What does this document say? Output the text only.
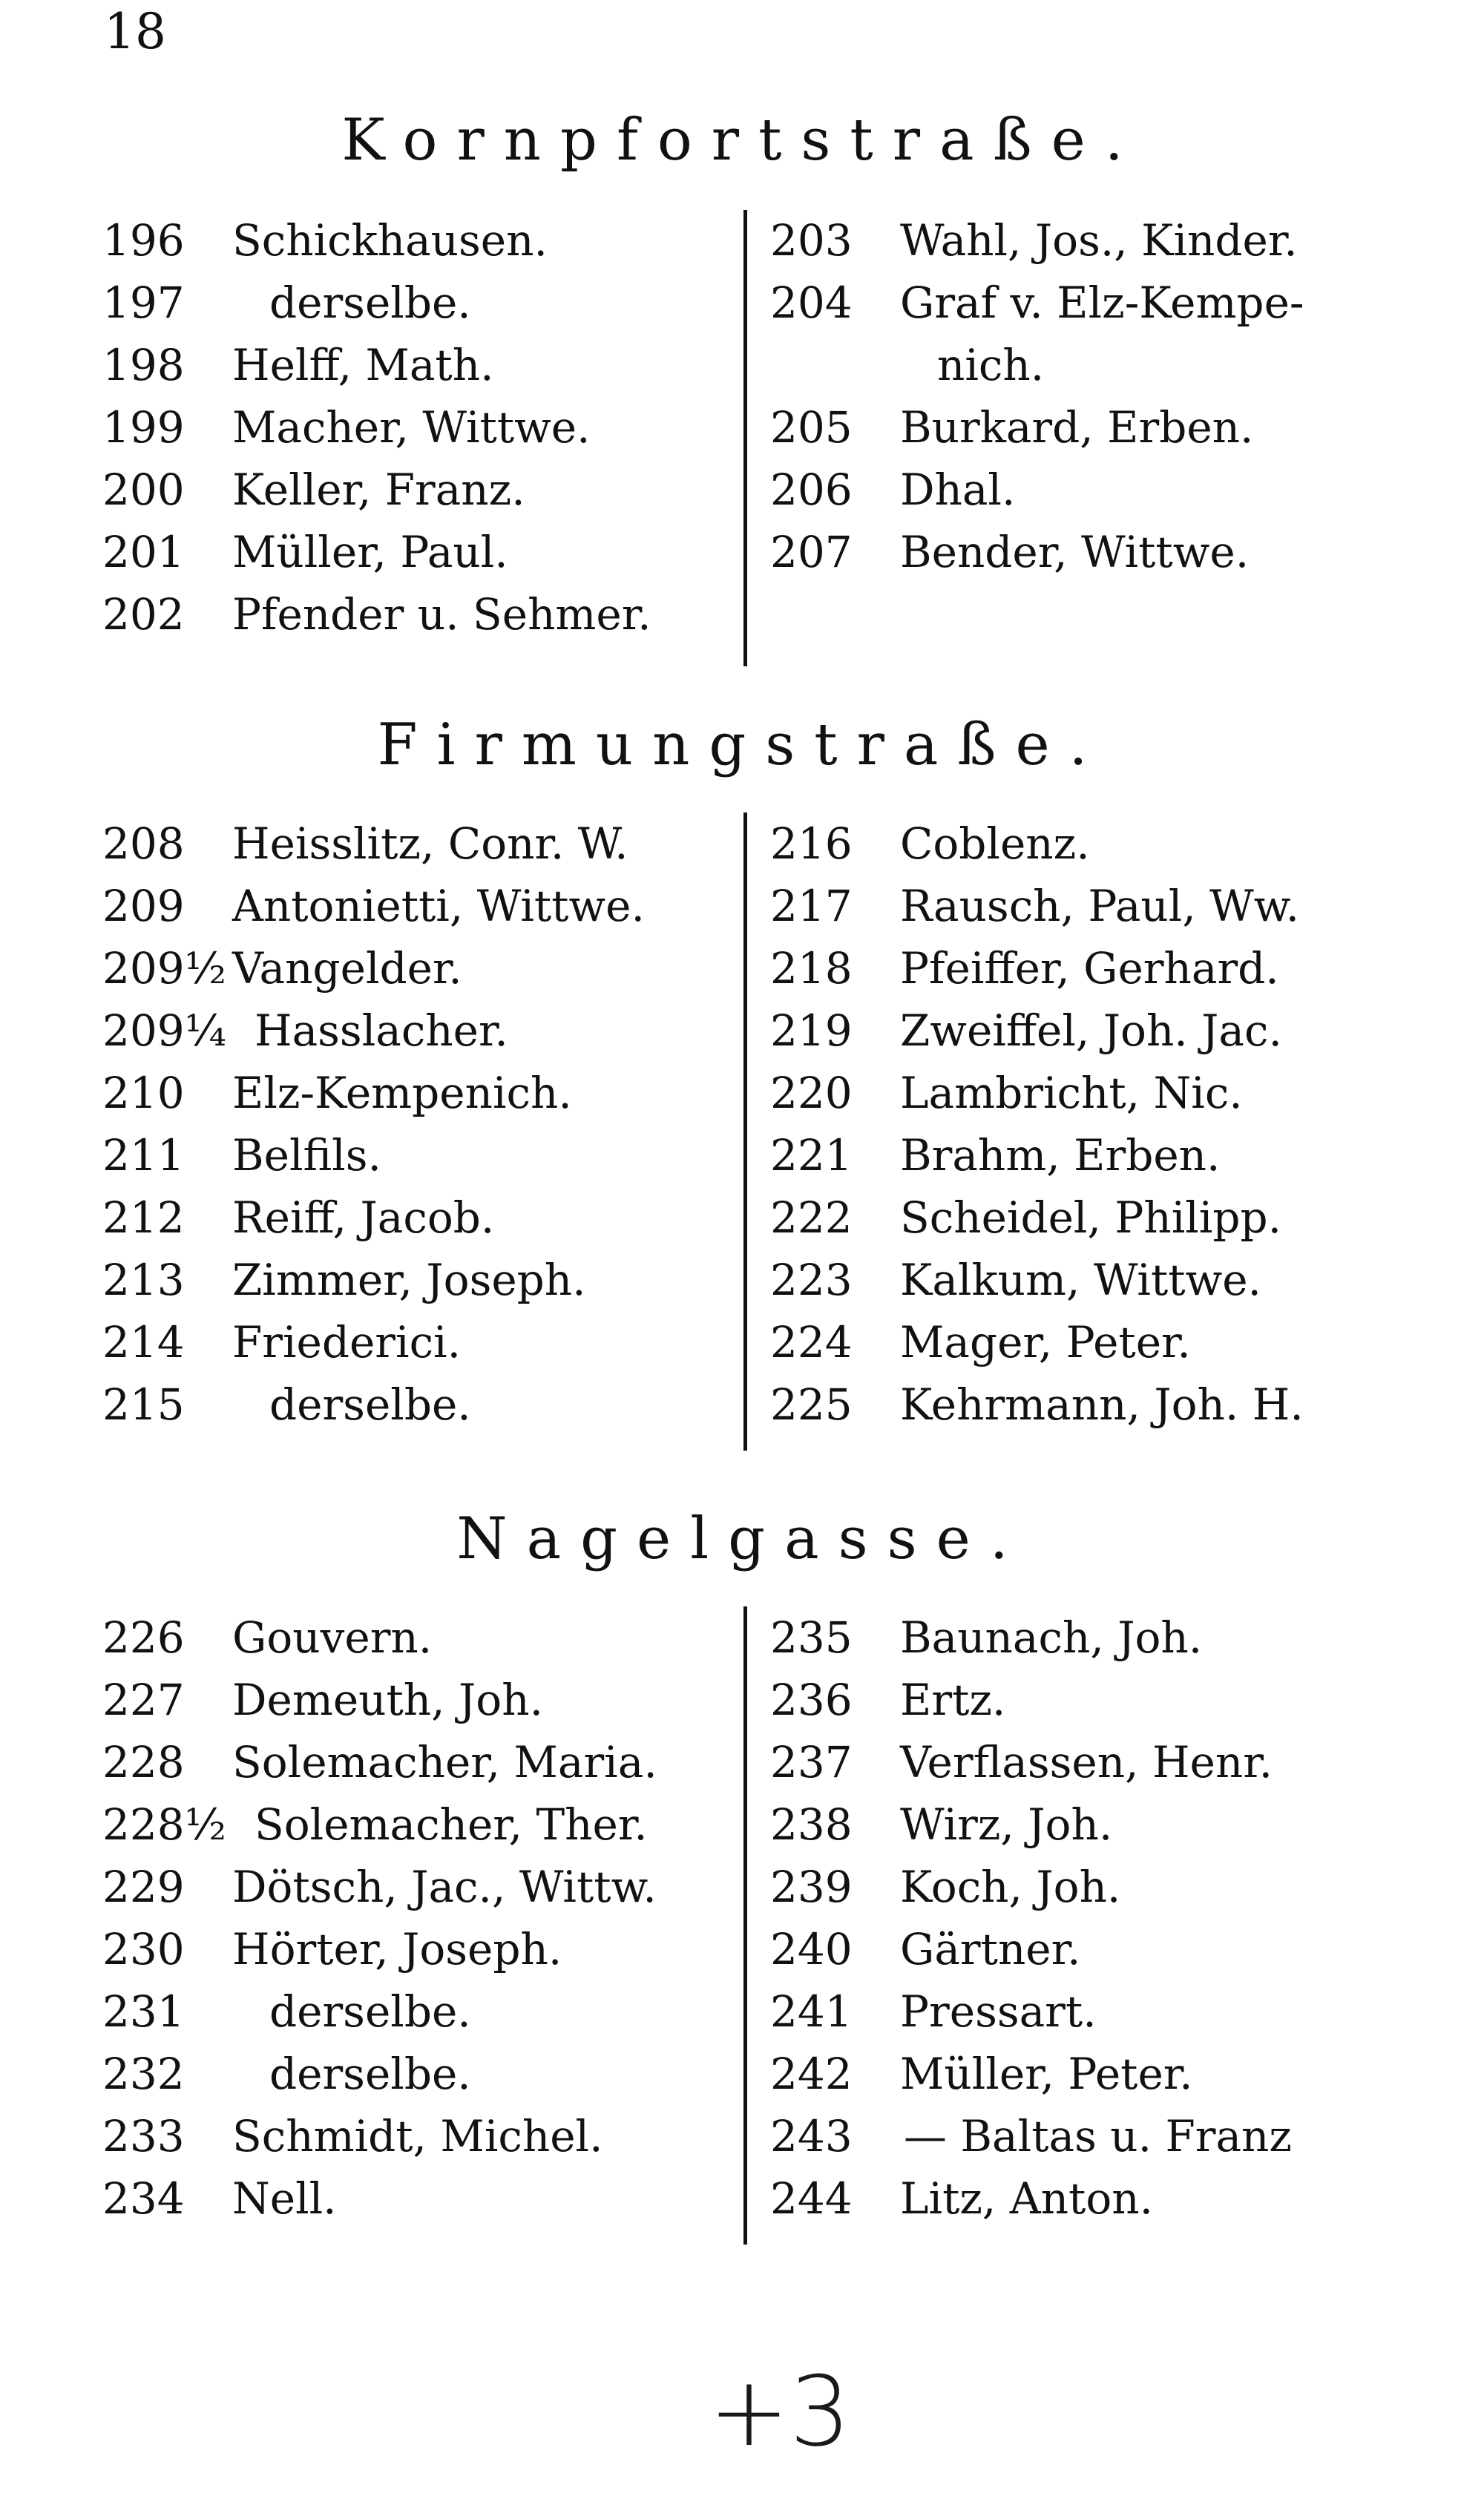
18
Kornpfortstraße.
196 Schickhausen.
197 derselbe.
198 Helff, Math.
199 Macher, Wittwe.
200 Keller, Franz.
201 Müller, Paul.
202 Pfender u. Sehmer.
203 Wahl, Jos., Kinder.
204 Graf v. Elz-Kempe-
nich.
205 Burkard, Erben.
206 Dhal.
207 Bender, Wittwe.
Firmungstraße.
208 Heisslitz, Conr. W.
209 Antonietti, Wittwe.
209½ Vangelder.
209¼ Hasslacher.
210 Elz-Kempenich.
211 Belfils.
212 Reiff, Jacob.
213 Zimmer, Joseph.
214 Friederici.
215 derselbe.
216 Coblenz.
217 Rausch, Paul, Ww.
218 Pfeiffer, Gerhard.
219 Zweiffel, Joh. Jac.
220 Lambricht, Nic.
221 Brahm, Erben.
222 Scheidel, Philipp.
223 Kalkum, Wittwe.
224 Mager, Peter.
225 Kehrmann, Joh. H.
Nagelgasse.
226 Gouvern.
227 Demeuth, Joh.
228 Solemacher, Maria.
228½ Solemacher, Ther.
229 Dötsch, Jac., Wittw.
230 Hörter, Joseph.
231 derselbe.
232 derselbe.
233 Schmidt, Michel.
234 Nell.
235 Baunach, Joh.
236 Ertz.
237 Verflassen, Henr.
238 Wirz, Joh.
239 Koch, Joh.
240 Gärtner.
241 Pressart.
242 Müller, Peter.
243 — Baltas u. Franz
244 Litz, Anton.
+3
